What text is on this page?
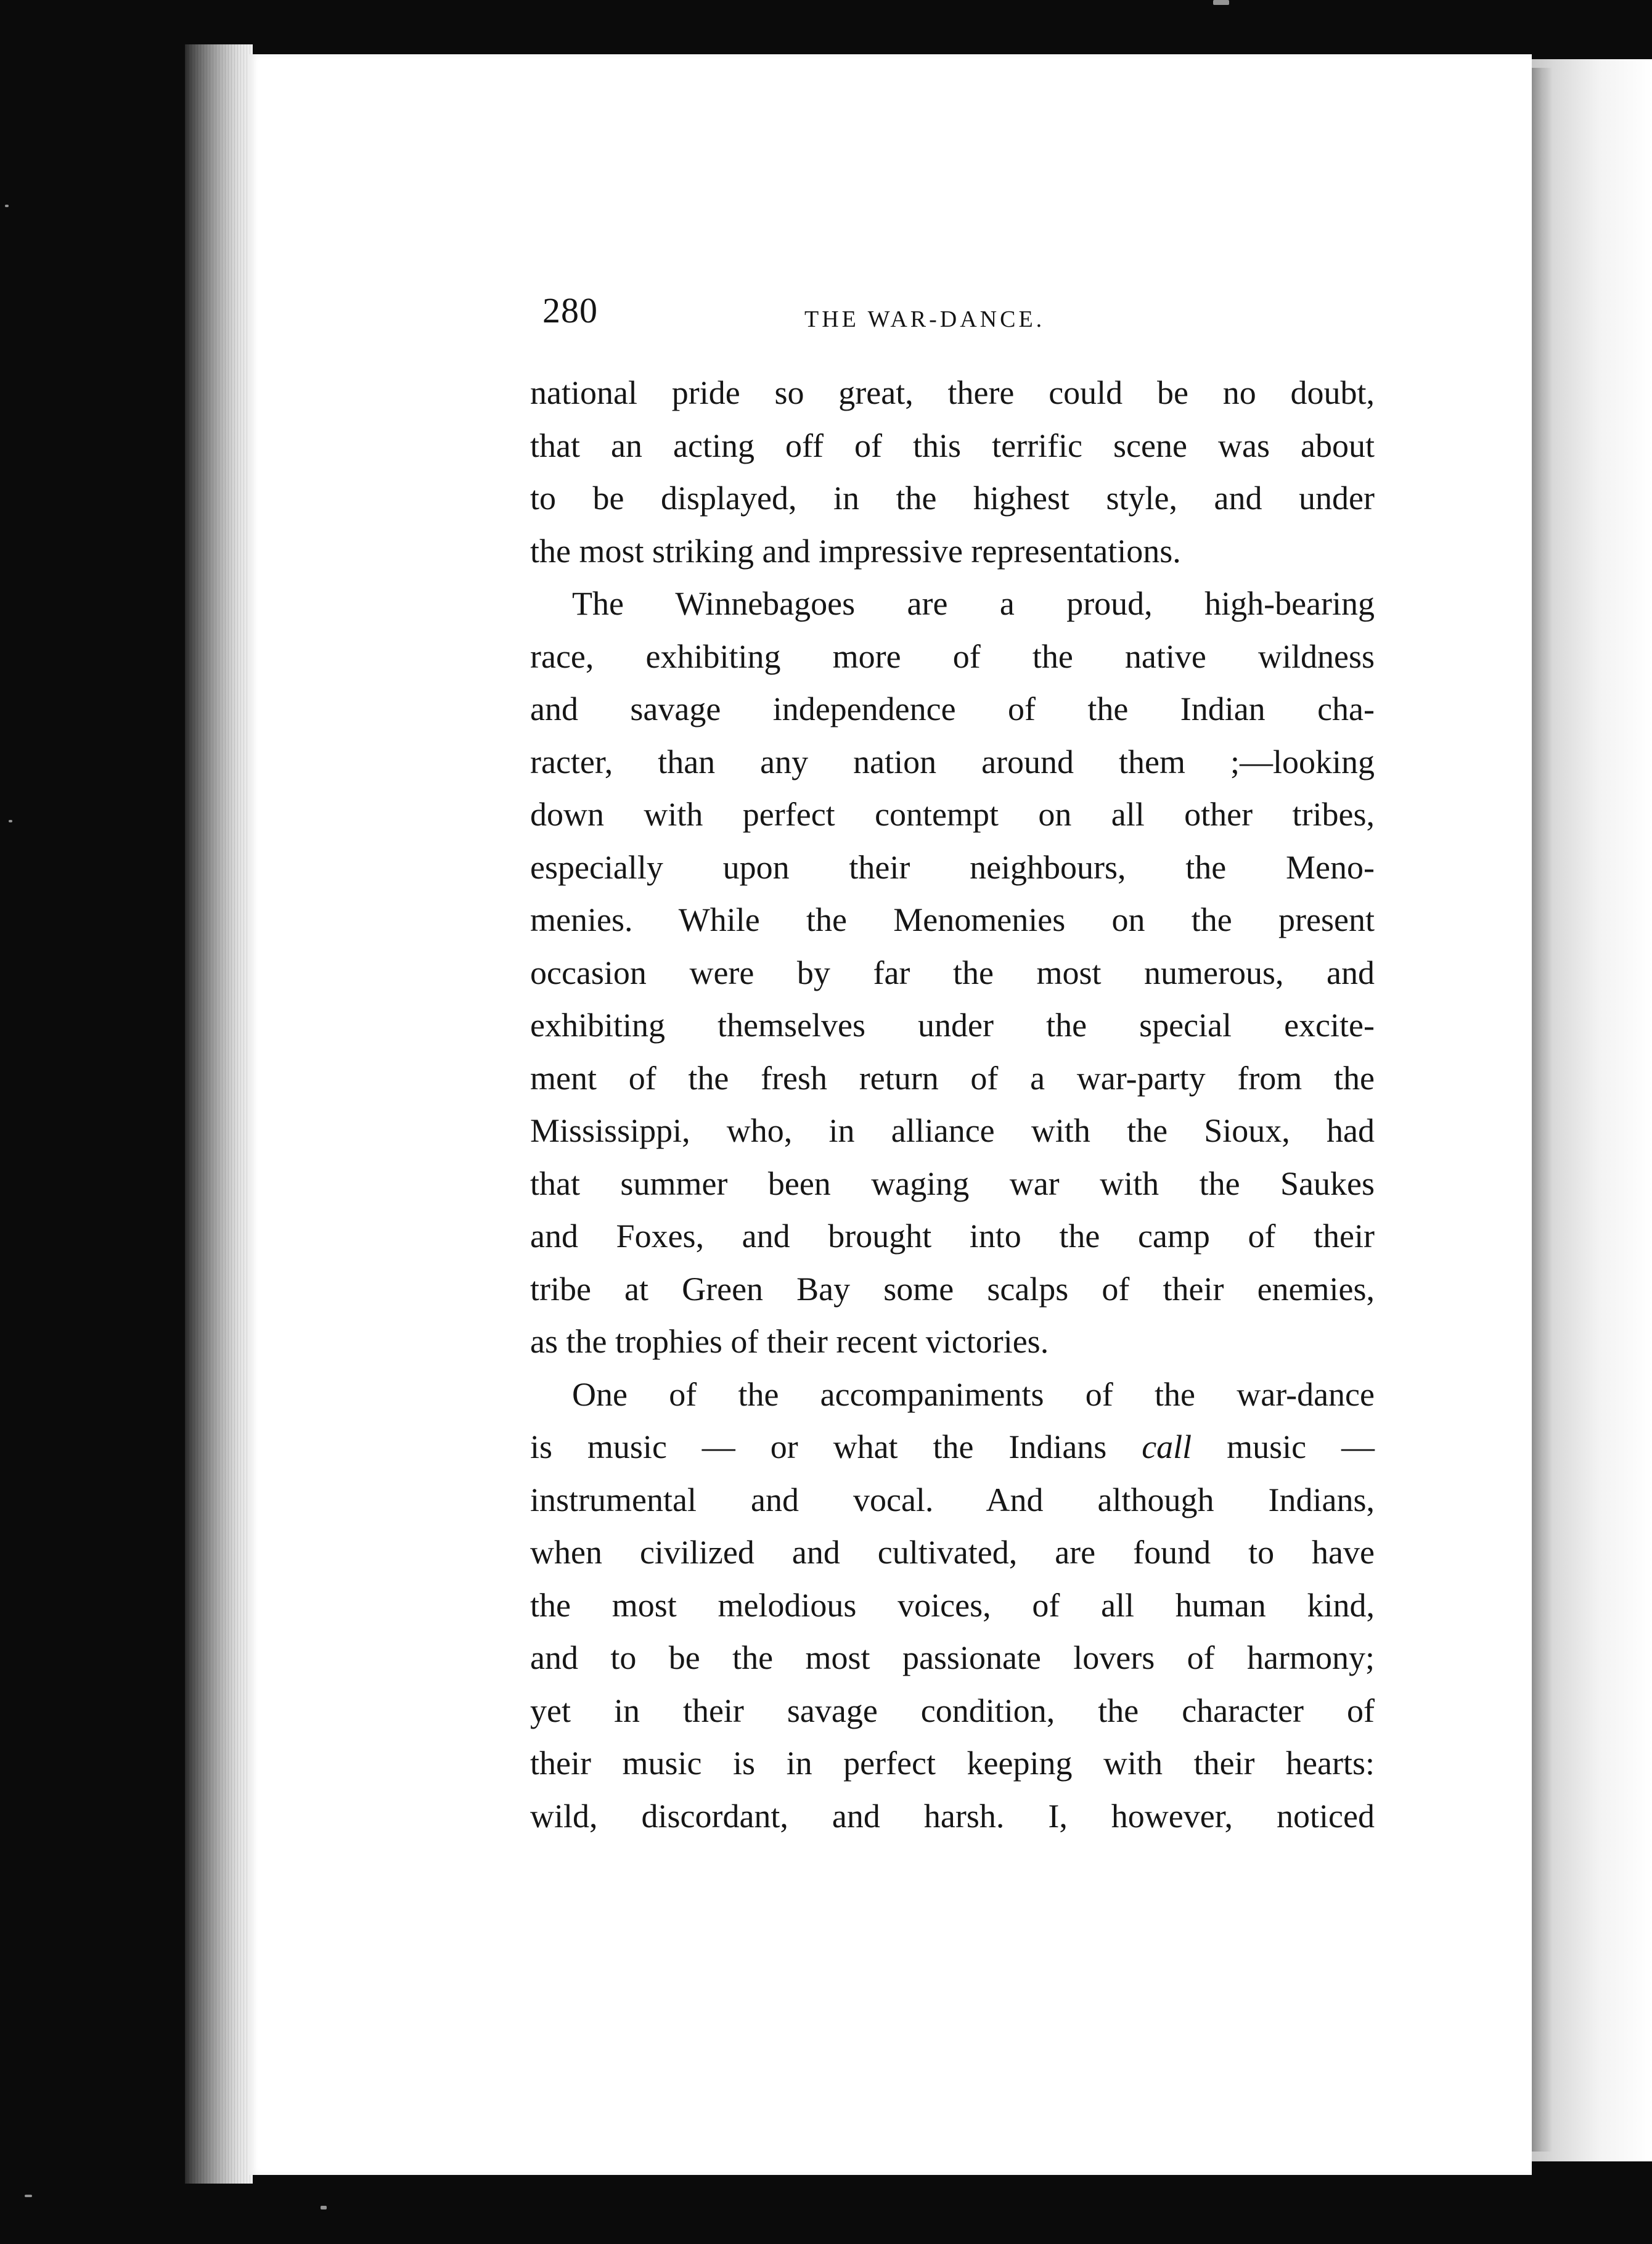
280	THE WAR-DANCE.
national pride so great, there could be no doubt,
that an acting off of this terrific scene was about
to be displayed, in the highest style, and under
the most striking and impressive representations.
The Winnebagoes are a proud, high-bearing
race, exhibiting more of the native wildness
and savage independence of the Indian cha-
racter, than any nation around them ;—looking
down with perfect contempt on all other tribes,
especially upon their neighbours, the Meno-
menies. While the Menomenies on the present
occasion were by far the most numerous, and
exhibiting themselves under the special excite-
ment of the fresh return of a war-party from the
Mississippi, who, in alliance with the Sioux, had
that summer been waging war with the Saukes
and Foxes, and brought into the camp of their
tribe at Green Bay some scalps of their enemies,
as the trophies of their recent victories.
One of the accompaniments of the war-dance
is music — or what the Indians call music —
instrumental and vocal. And although Indians,
when civilized and cultivated, are found to have
the most melodious voices, of all human kind,
and to be the most passionate lovers of harmony;
yet in their savage condition, the character of
their music is in perfect keeping with their hearts:
wild, discordant, and harsh. I, however, noticed
